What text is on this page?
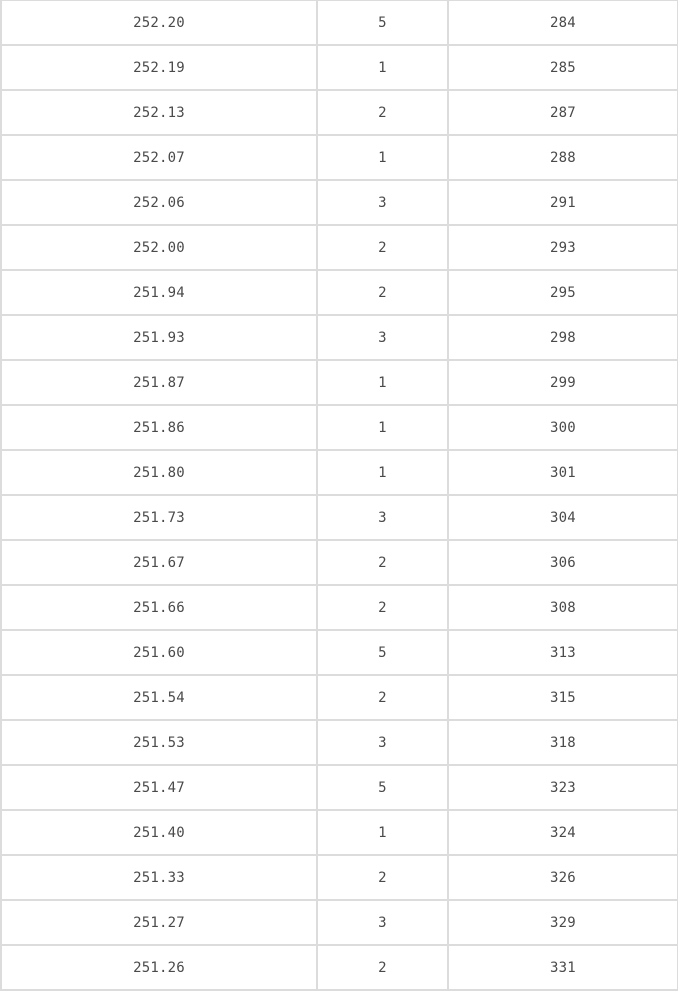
252.20	5	284
252.19	1	285
252.13	2	287
252.07	1	288
252.06	3	291
252.00	2	293
251.94	2	295
251.93	3	298
251.87	1	299
251.86	1	300
251.80	1	301
251.73	3	304
251.67	2	306
251.66	2	308
251.60	5	313
251.54	2	315
251.53	3	318
251.47	5	323
251.40	1	324
251.33	2	326
251.27	3	329
251.26	2	331
